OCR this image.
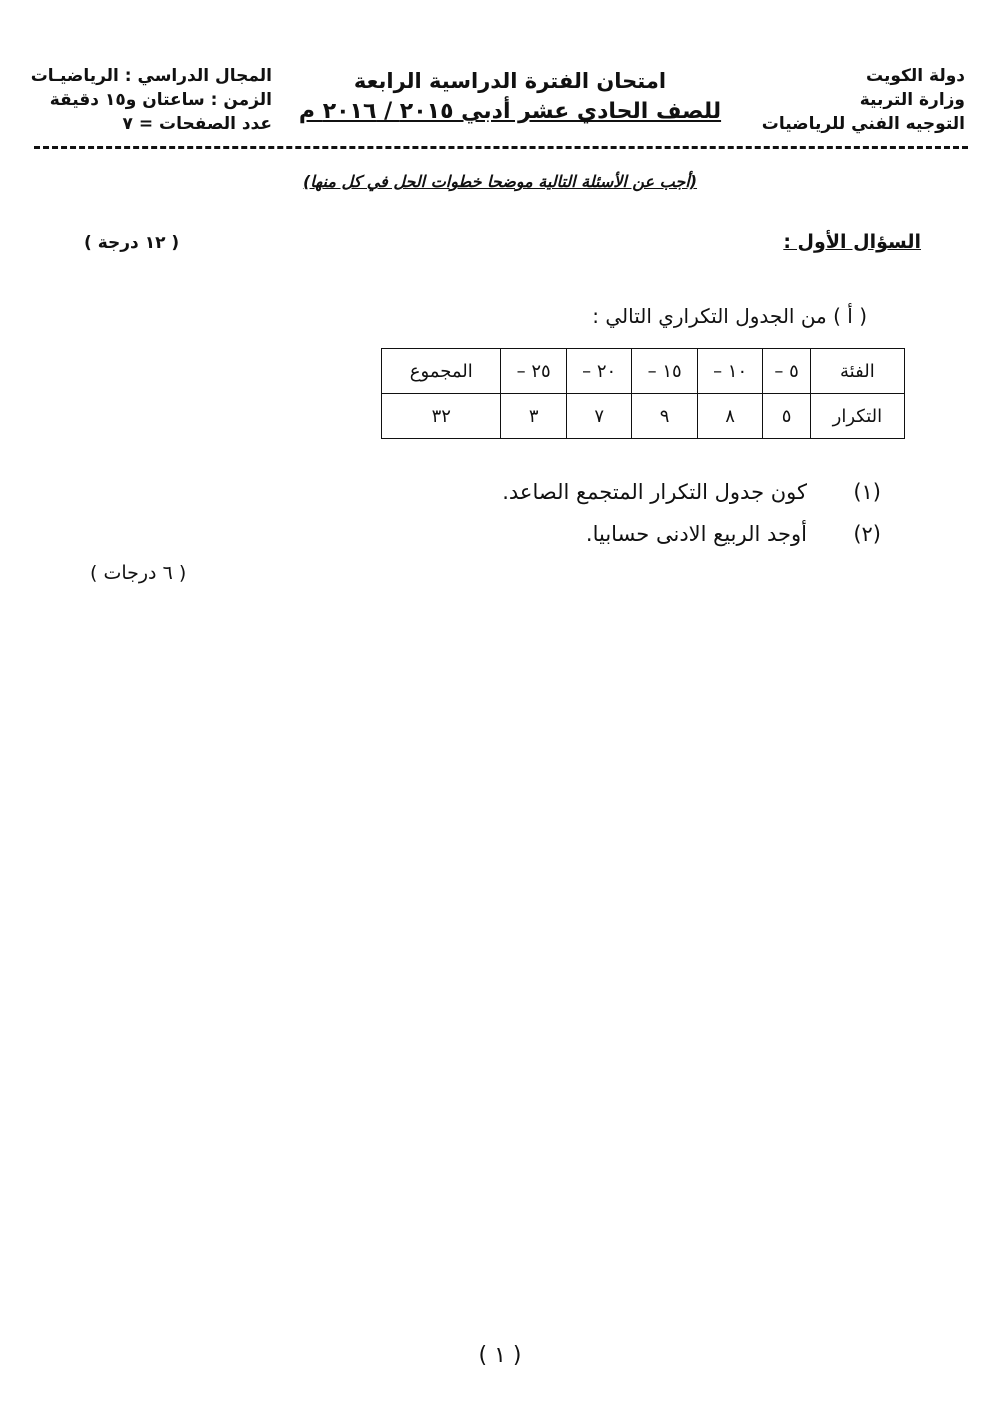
دولة الكويت
وزارة التربية
التوجيه الفني للرياضيات
امتحان الفترة الدراسية الرابعة
للصف الحادي عشر أدبي ٢٠١٥ / ٢٠١٦ م
المجال الدراسي : الرياضيـات
الزمن : ساعتان و١٥ دقيقة
عدد الصفحات = ٧
(أجب عن الأسئلة التالية موضحا خطوات الحل في كل منها)
السؤال الأول :
( ١٢ درجة )
( أ ) من الجدول التكراري التالي :
الفئة	٥ –	١٠ –	١٥ –	٢٠ –	٢٥ –	المجموع
التكرار	٥	٨	٩	٧	٣	٣٢
(١)
كون جدول التكرار المتجمع الصاعد.
(٢)
أوجد الربيع الادنى حسابيا.
( ٦ درجات )
( ١ )
